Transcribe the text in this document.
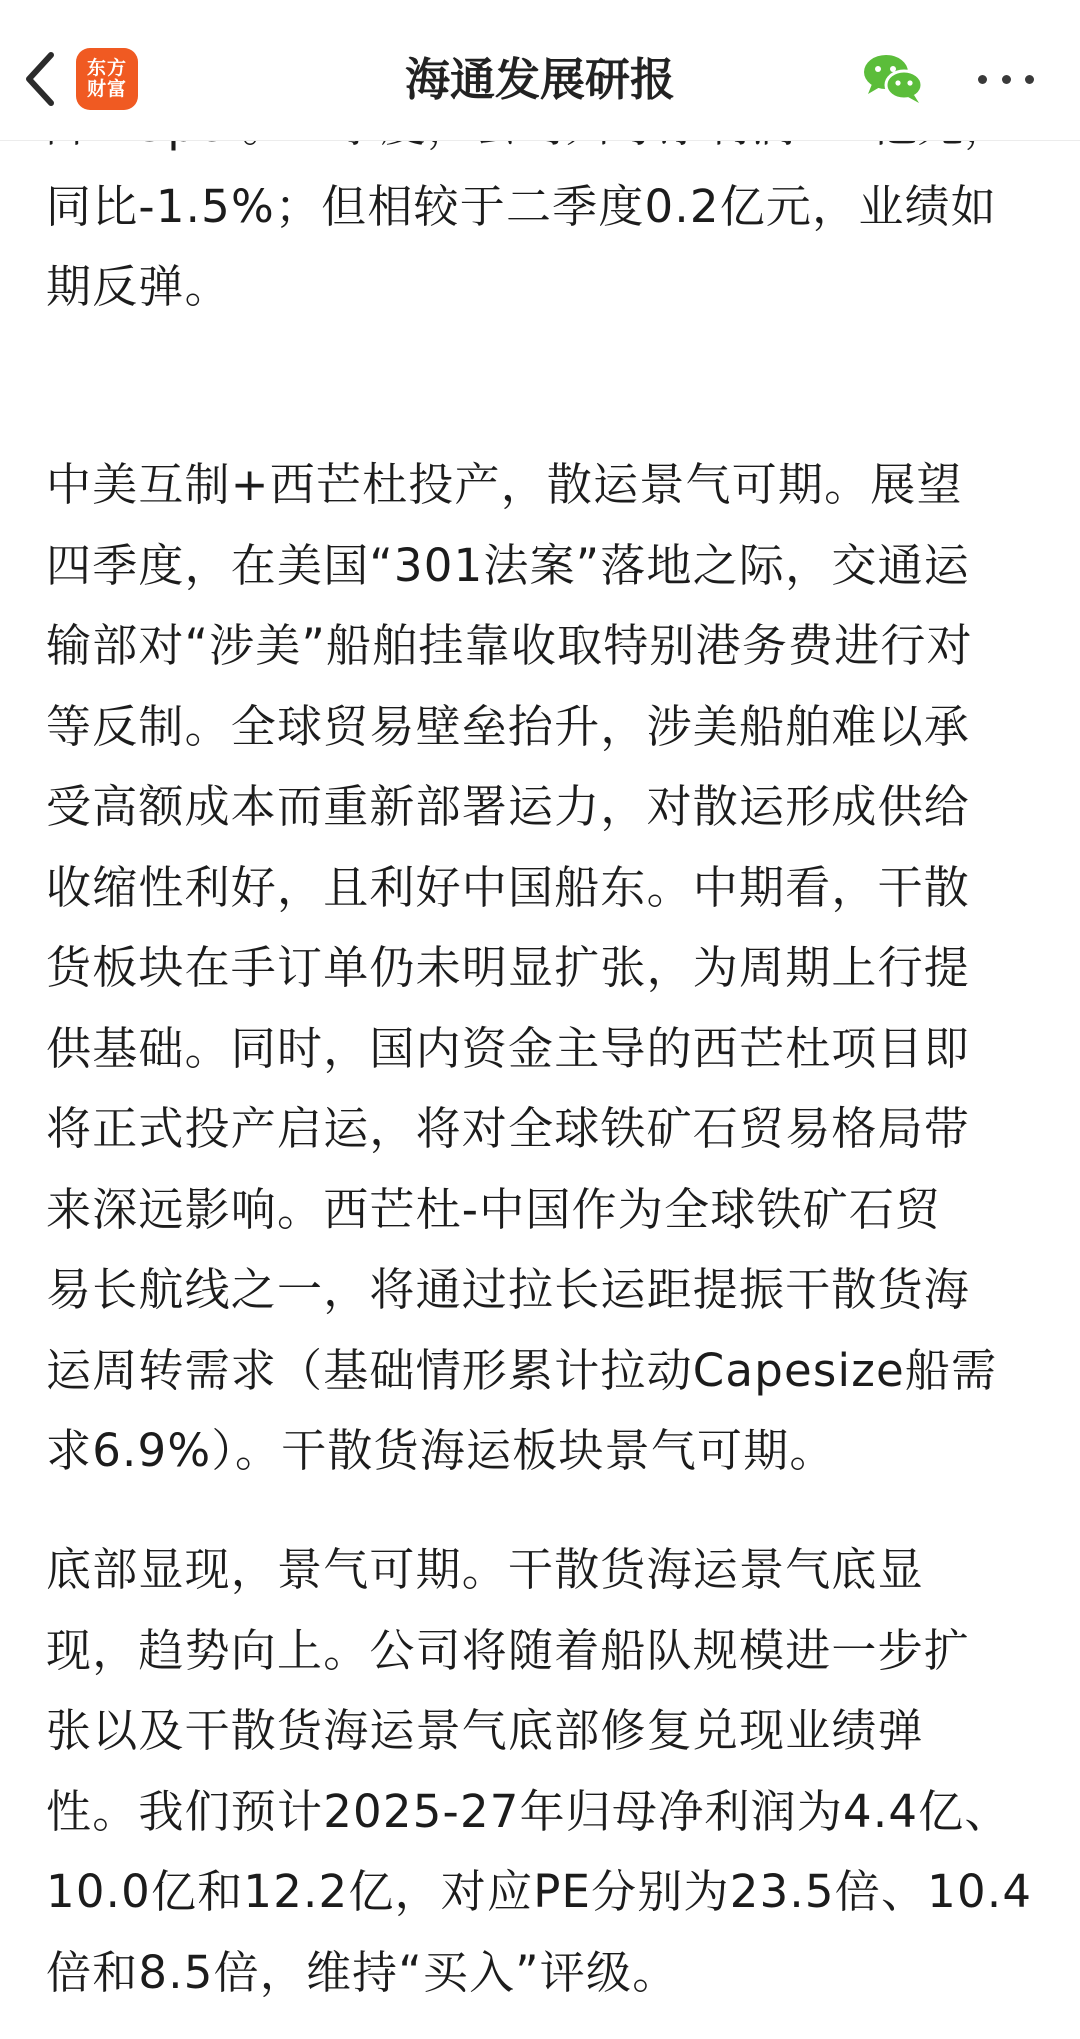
同比-1.5%；但相较于二季度0.2亿元，业绩如
期反弹。
中美互制+西芒杜投产，散运景气可期。展望
四季度，在美国“301法案”落地之际，交通运
输部对“涉美”船舶挂靠收取特别港务费进行对
等反制。全球贸易壁垒抬升，涉美船舶难以承
受高额成本而重新部署运力，对散运形成供给
收缩性利好，且利好中国船东。中期看，干散
货板块在手订单仍未明显扩张，为周期上行提
供基础。同时，国内资金主导的西芒杜项目即
将正式投产启运，将对全球铁矿石贸易格局带
来深远影响。西芒杜-中国作为全球铁矿石贸
易长航线之一，将通过拉长运距提振干散货海
运周转需求（基础情形累计拉动Capesize船需
求6.9%）。干散货海运板块景气可期。
底部显现，景气可期。干散货海运景气底显
现，趋势向上。公司将随着船队规模进一步扩
张以及干散货海运景气底部修复兑现业绩弹
性。我们预计2025-27年归母净利润为4.4亿、
10.0亿和12.2亿，对应PE分别为23.5倍、10.4
倍和8.5倍，维持“买入”评级。
东方
财富	海通发展研报
